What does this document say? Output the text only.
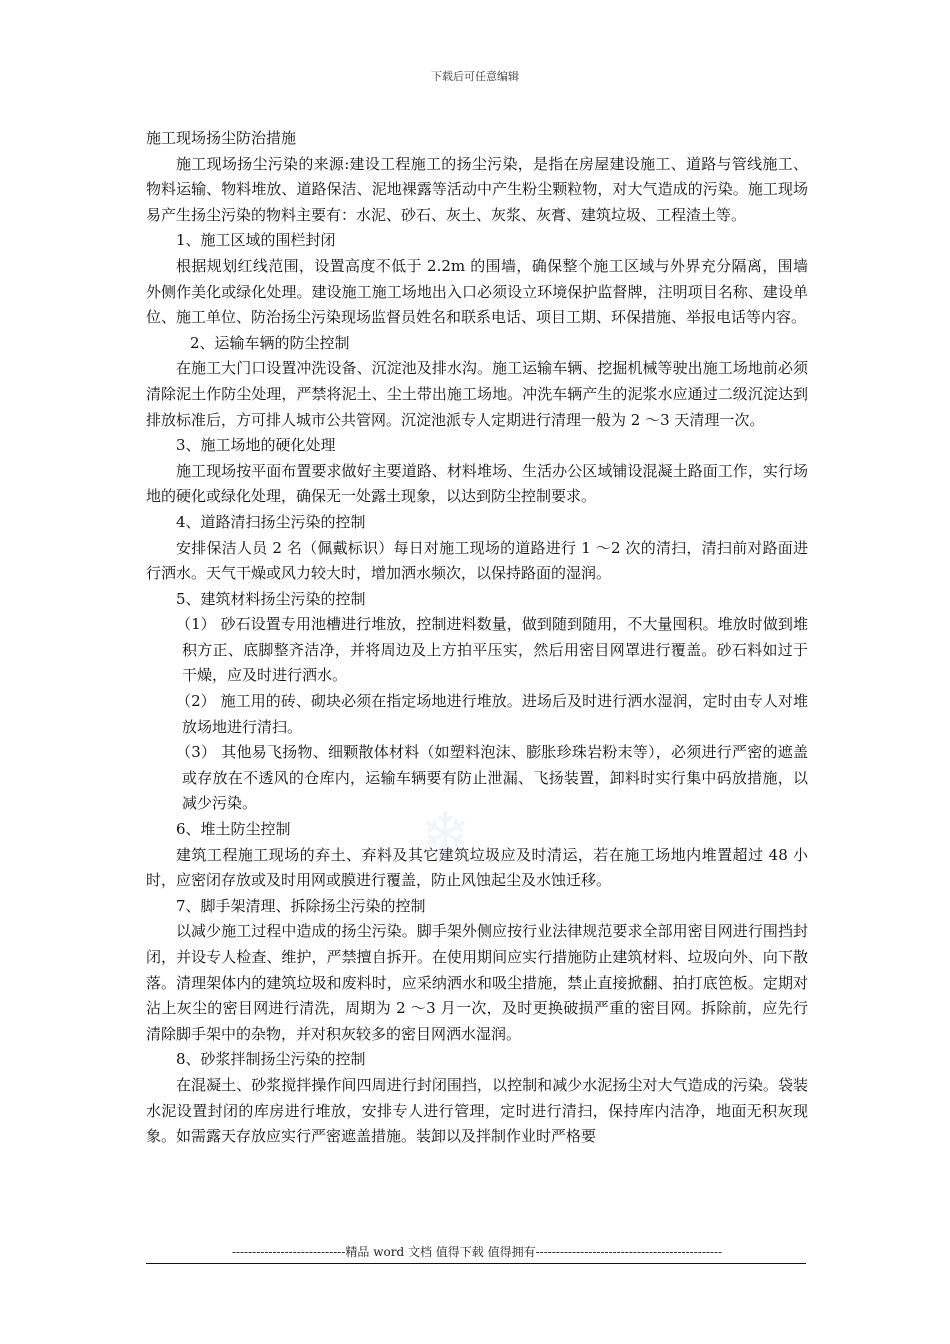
❄
下载后可任意编辑

施工现场扬尘防治措施

施工现场扬尘污染的来源:建设工程施工的扬尘污染，是指在房屋建设施工、道路与管线施工、物料运输、物料堆放、道路保洁、泥地裸露等活动中产生粉尘颗粒物，对大气造成的污染。施工现场易产生扬尘污染的物料主要有：水泥、砂石、灰土、灰浆、灰膏、建筑垃圾、工程渣土等。

1、施工区域的围栏封闭

根据规划红线范围，设置高度不低于 2.2m 的围墙，确保整个施工区域与外界充分隔离，围墙外侧作美化或绿化处理。建设施工施工场地出入口必须设立环境保护监督牌，注明项目名称、建设单位、施工单位、防治扬尘污染现场监督员姓名和联系电话、项目工期、环保措施、举报电话等内容。

2、运输车辆的防尘控制

在施工大门口设置冲洗设备、沉淀池及排水沟。施工运输车辆、挖掘机械等驶出施工场地前必须清除泥土作防尘处理，严禁将泥土、尘土带出施工场地。冲洗车辆产生的泥浆水应通过二级沉淀达到排放标准后，方可排人城市公共管网。沉淀池派专人定期进行清理一般为 2 ～3 天清理一次。

3、施工场地的硬化处理

施工现场按平面布置要求做好主要道路、材料堆场、生活办公区域铺设混凝土路面工作，实行场地的硬化或绿化处理，确保无一处露土现象，以达到防尘控制要求。

4、道路清扫扬尘污染的控制

安排保洁人员 2 名（佩戴标识）每日对施工现场的道路进行 1 ～2 次的清扫，清扫前对路面进行洒水。天气干燥或风力较大时，增加洒水频次，以保持路面的湿润。

5、建筑材料扬尘污染的控制

（1） 砂石设置专用池槽进行堆放，控制进料数量，做到随到随用，不大量囤积。堆放时做到堆积方正、底脚整齐洁净，并将周边及上方拍平压实，然后用密目网罩进行覆盖。砂石料如过于干燥，应及时进行洒水。

（2） 施工用的砖、砌块必须在指定场地进行堆放。进场后及时进行洒水湿润，定时由专人对堆放场地进行清扫。

（3） 其他易飞扬物、细颗散体材料（如塑料泡沫、膨胀珍珠岩粉末等），必须进行严密的遮盖或存放在不透风的仓库内，运输车辆要有防止泄漏、飞扬装置，卸料时实行集中码放措施，以减少污染。

6、堆土防尘控制

建筑工程施工现场的弃土、弃料及其它建筑垃圾应及时清运，若在施工场地内堆置超过 48 小时，应密闭存放或及时用网或膜进行覆盖，防止风蚀起尘及水蚀迁移。

7、脚手架清理、拆除扬尘污染的控制

以减少施工过程中造成的扬尘污染。脚手架外侧应按行业法律规范要求全部用密目网进行围挡封闭，并设专人检查、维护，严禁擅自拆开。在使用期间应实行措施防止建筑材料、垃圾向外、向下散落。清理架体内的建筑垃圾和废料时，应采纳洒水和吸尘措施，禁止直接掀翻、拍打底笆板。定期对沾上灰尘的密目网进行清洗，周期为 2 ～3 月一次，及时更换破损严重的密目网。拆除前，应先行清除脚手架中的杂物，并对积灰较多的密目网洒水湿润。

8、砂浆拌制扬尘污染的控制

在混凝土、砂浆搅拌操作间四周进行封闭围挡，以控制和减少水泥扬尘对大气造成的污染。袋装水泥设置封闭的库房进行堆放，安排专人进行管理，定时进行清扫，保持库内洁净，地面无积灰现象。如需露天存放应实行严密遮盖措施。装卸以及拌制作业时严格要

----------------------------精品 word 文档 值得下载 值得拥有----------------------------------------------
